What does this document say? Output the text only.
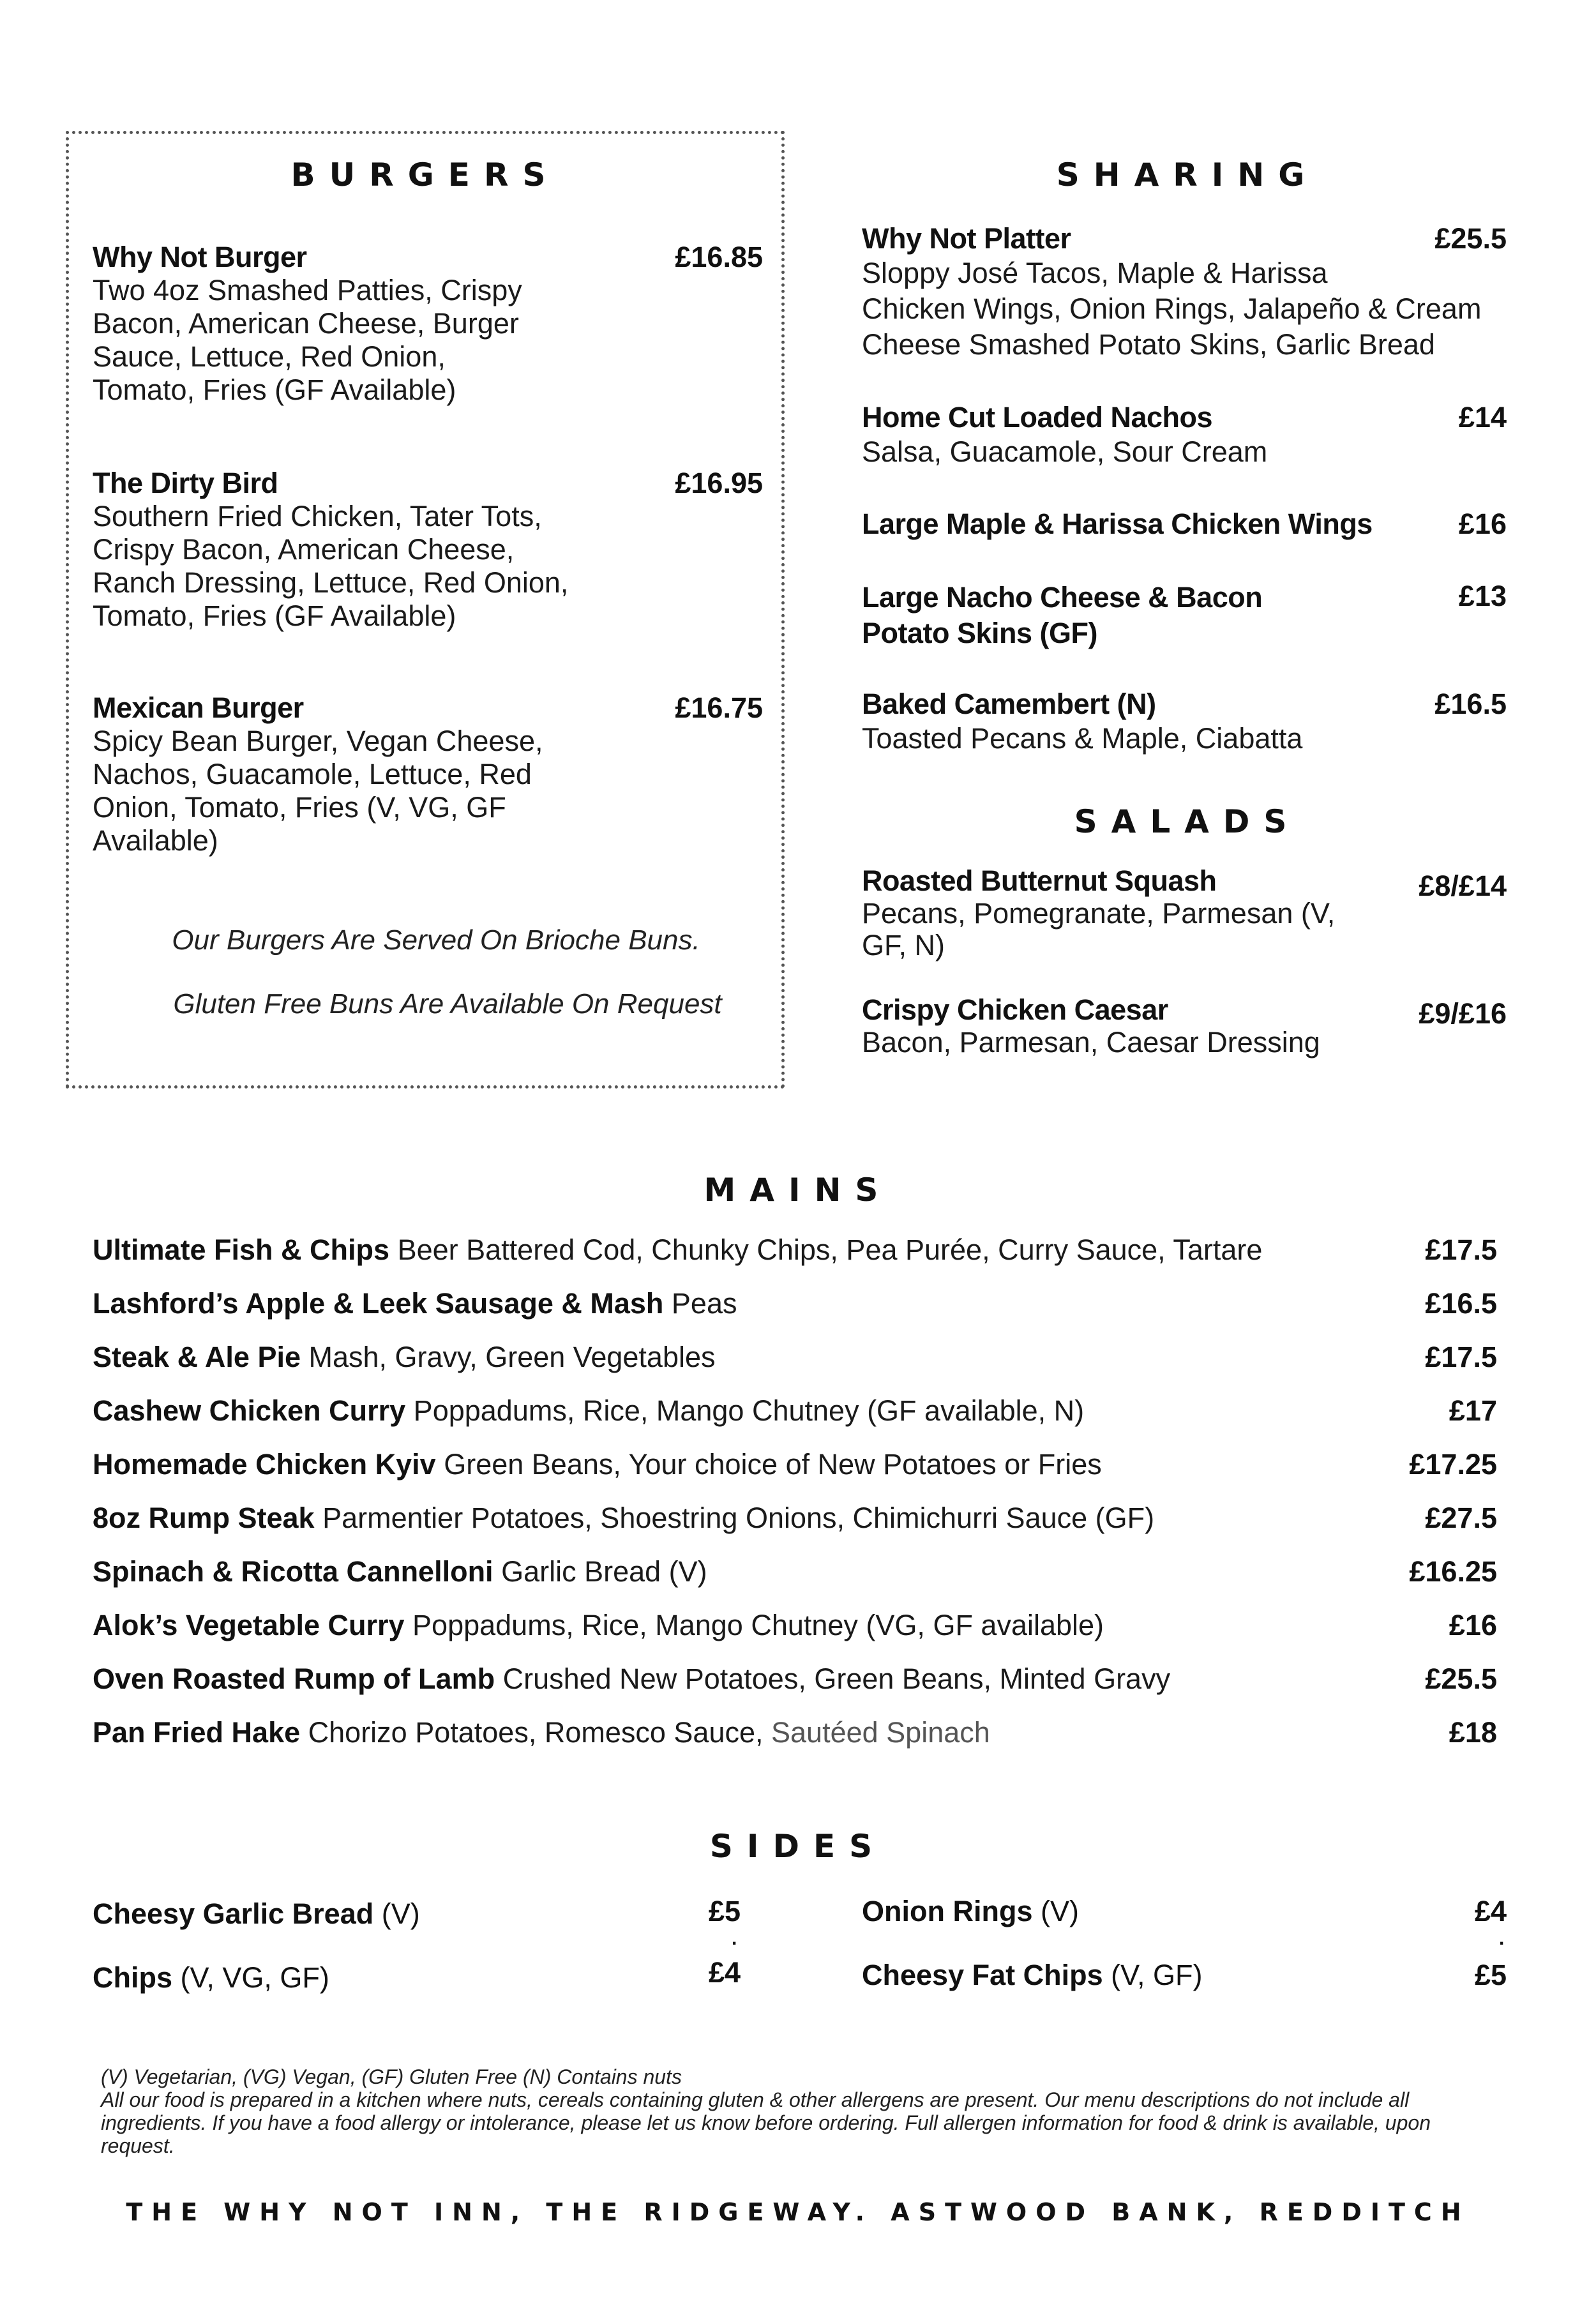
BURGERS
Why Not Burger
Two 4oz Smashed Patties, Crispy
Bacon, American Cheese, Burger
Sauce, Lettuce, Red Onion,
Tomato, Fries (GF Available)
£16.85
The Dirty Bird
Southern Fried Chicken, Tater Tots,
Crispy Bacon, American Cheese,
Ranch Dressing, Lettuce, Red Onion,
Tomato, Fries (GF Available)
£16.95
Mexican Burger
Spicy Bean Burger, Vegan Cheese,
Nachos, Guacamole, Lettuce, Red
Onion, Tomato, Fries (V, VG, GF
Available)
£16.75
Our Burgers Are Served On Brioche Buns.
Gluten Free Buns Are Available On Request
SHARING
Why Not Platter
Sloppy José Tacos, Maple & Harissa
Chicken Wings, Onion Rings, Jalapeño & Cream
Cheese Smashed Potato Skins, Garlic Bread
£25.5
Home Cut Loaded Nachos
Salsa, Guacamole, Sour Cream
£14
Large Maple & Harissa Chicken Wings	£16
Large Nacho Cheese & Bacon
Potato Skins (GF)
£13
Baked Camembert (N)
Toasted Pecans & Maple, Ciabatta
£16.5
SALADS
Roasted Butternut Squash
Pecans, Pomegranate, Parmesan (V,
GF, N)
£8/£14
Crispy Chicken Caesar
Bacon, Parmesan, Caesar Dressing
£9/£16
MAINS
Ultimate Fish & Chips Beer Battered Cod, Chunky Chips, Pea Purée, Curry Sauce, Tartare	£17.5
Lashford’s Apple & Leek Sausage & Mash Peas	£16.5
Steak & Ale Pie Mash, Gravy, Green Vegetables	£17.5
Cashew Chicken Curry Poppadums, Rice, Mango Chutney (GF available, N)	£17
Homemade Chicken Kyiv Green Beans, Your choice of New Potatoes or Fries	£17.25
8oz Rump Steak Parmentier Potatoes, Shoestring Onions, Chimichurri Sauce (GF)	£27.5
Spinach & Ricotta Cannelloni Garlic Bread (V)	£16.25
Alok’s Vegetable Curry Poppadums, Rice, Mango Chutney (VG, GF available)	£16
Oven Roasted Rump of Lamb Crushed New Potatoes, Green Beans, Minted Gravy	£25.5
Pan Fried Hake Chorizo Potatoes, Romesco Sauce, Sautéed Spinach	£18
SIDES
Cheesy Garlic Bread (V)	£5
.
Chips (V, VG, GF)	£4
Onion Rings (V)	£4
.
Cheesy Fat Chips (V, GF)	£5
(V) Vegetarian, (VG) Vegan, (GF) Gluten Free (N) Contains nuts
All our food is prepared in a kitchen where nuts, cereals containing gluten & other allergens are present. Our menu descriptions do not include all
ingredients. If you have a food allergy or intolerance, please let us know before ordering. Full allergen information for food & drink is available, upon
request.
THE WHY NOT INN, THE RIDGEWAY. ASTWOOD BANK, REDDITCH
